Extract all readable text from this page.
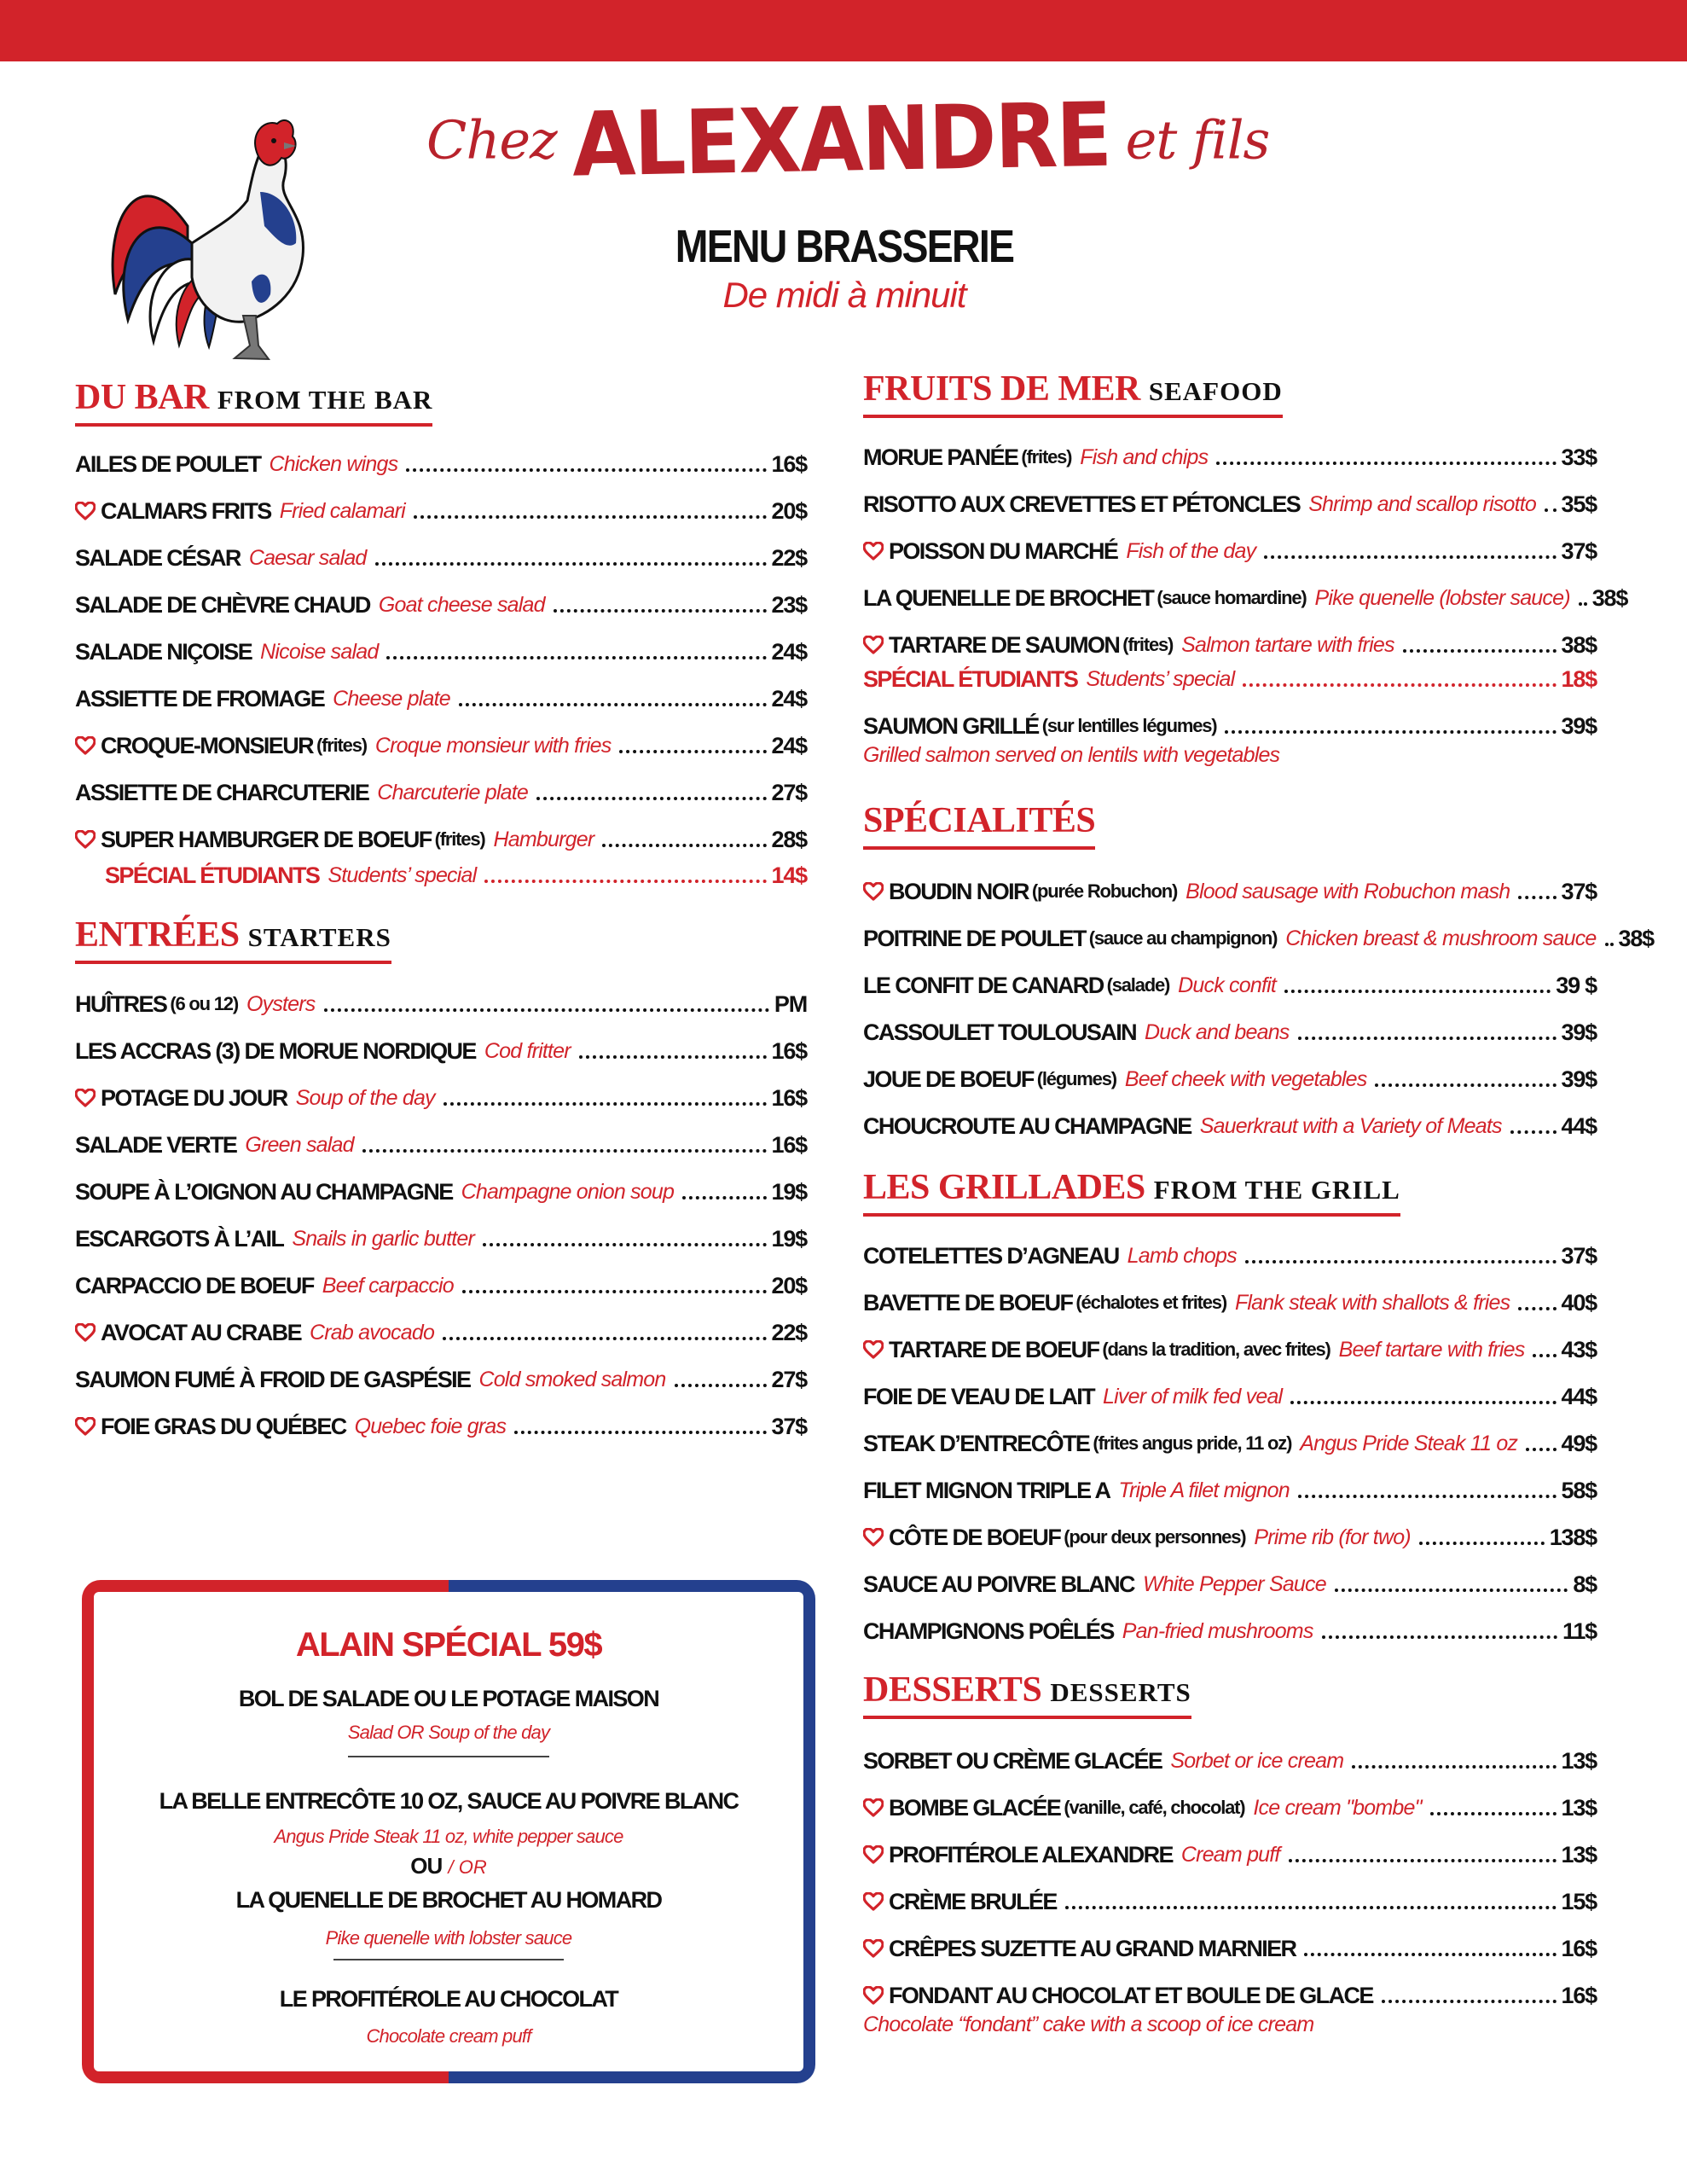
Chez ALEXANDRE et fils
MENU BRASSERIE
De midi à minuit
DU BAR FROM THE BAR
ENTRÉES STARTERS
AILES DE POULET Chicken wings	16$
CALMARS FRITS Fried calamari	20$
SALADE CÉSAR Caesar salad	22$
SALADE DE CHÈVRE CHAUD Goat cheese salad	23$
SALADE NIÇOISE Nicoise salad	24$
ASSIETTE DE FROMAGE Cheese plate	24$
CROQUE-MONSIEUR (frites) Croque monsieur with fries	24$
ASSIETTE DE CHARCUTERIE Charcuterie plate	27$
SUPER HAMBURGER DE BOEUF (frites) Hamburger	28$
SPÉCIAL ÉTUDIANTS Students’ special	14$
HUÎTRES (6 ou 12) Oysters	PM
LES ACCRAS (3) DE MORUE NORDIQUE Cod fritter	16$
POTAGE DU JOUR Soup of the day	16$
SALADE VERTE Green salad	16$
SOUPE À L’OIGNON AU CHAMPAGNE Champagne onion soup	19$
ESCARGOTS À L’AIL Snails in garlic butter	19$
CARPACCIO DE BOEUF Beef carpaccio	20$
AVOCAT AU CRABE Crab avocado	22$
SAUMON FUMÉ À FROID DE GASPÉSIE Cold smoked salmon	27$
FOIE GRAS DU QUÉBEC Quebec foie gras	37$
FRUITS DE MER SEAFOOD
SPÉCIALITÉS
LES GRILLADES FROM THE GRILL
DESSERTS DESSERTS
MORUE PANÉE (frites) Fish and chips	33$
RISOTTO AUX CREVETTES ET PÉTONCLES Shrimp and scallop risotto 35$
POISSON DU MARCHÉ Fish of the day	37$
LA QUENELLE DE BROCHET (sauce homardine) Pike quenelle (lobster sauce) 38$
TARTARE DE SAUMON (frites) Salmon tartare with fries	38$
SPÉCIAL ÉTUDIANTS Students’ special	18$
SAUMON GRILLÉ (sur lentilles légumes)	39$
Grilled salmon served on lentils with vegetables
BOUDIN NOIR (purée Robuchon) Blood sausage with Robuchon mash 37$
POITRINE DE POULET (sauce au champignon) Chicken breast & mushroom sauce 38$
LE CONFIT DE CANARD (salade) Duck confit	39 $
CASSOULET TOULOUSAIN Duck and beans	39$
JOUE DE BOEUF (légumes) Beef cheek with vegetables	39$
CHOUCROUTE AU CHAMPAGNE Sauerkraut with a Variety of Meats	44$
COTELETTES D’AGNEAU Lamb chops	37$
BAVETTE DE BOEUF (échalotes et frites) Flank steak with shallots & fries 40$
TARTARE DE BOEUF (dans la tradition, avec frites) Beef tartare with fries 43$
FOIE DE VEAU DE LAIT Liver of milk fed veal	44$
STEAK D’ENTRECÔTE (frites angus pride, 11 oz) Angus Pride Steak 11 oz 49$
FILET MIGNON TRIPLE A Triple A filet mignon	58$
CÔTE DE BOEUF (pour deux personnes) Prime rib (for two)	138$
SAUCE AU POIVRE BLANC White Pepper Sauce	8$
CHAMPIGNONS POÊLÉS Pan-fried mushrooms	11$
SORBET OU CRÈME GLACÉE Sorbet or ice cream	13$
BOMBE GLACÉE (vanille, café, chocolat) Ice cream "bombe"	13$
PROFITÉROLE ALEXANDRE Cream puff	13$
CRÈME BRULÉE	15$
CRÊPES SUZETTE AU GRAND MARNIER	16$
FONDANT AU CHOCOLAT ET BOULE DE GLACE	16$
Chocolate “fondant” cake with a scoop of ice cream
ALAIN SPÉCIAL 59$
BOL DE SALADE OU LE POTAGE MAISON
Salad OR Soup of the day
LA BELLE ENTRECÔTE 10 OZ, SAUCE AU POIVRE BLANC
Angus Pride Steak 11 oz, white pepper sauce
OU / OR
LA QUENELLE DE BROCHET AU HOMARD
Pike quenelle with lobster sauce
LE PROFITÉROLE AU CHOCOLAT
Chocolate cream puff
